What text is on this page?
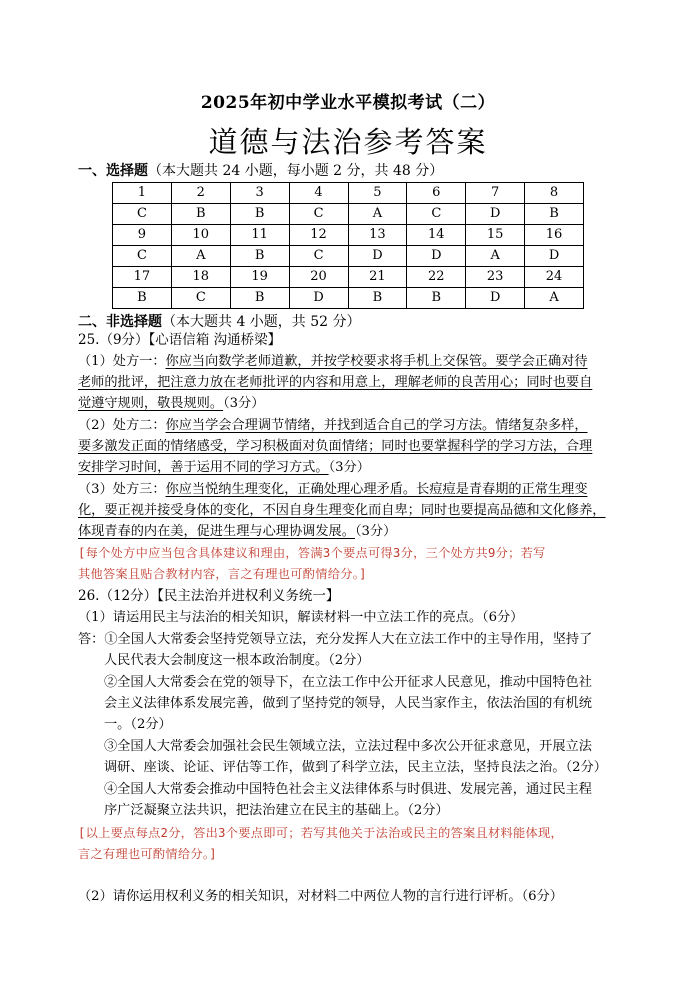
2025年初中学业水平模拟考试（二）
道德与法治参考答案
一、选择题（本大题共 24 小题，每小题 2 分，共 48 分）
1	2	3	4	5	6	7	8
C	B	B	C	A	C	D	B
9	10	11	12	13	14	15	16
C	A	B	C	D	D	A	D
17	18	19	20	21	22	23	24
B	C	B	D	B	B	D	A
二、非选择题（本大题共 4 小题，共 52 分）
25.（9分）【心语信箱 沟通桥梁】
（1）处方一：你应当向数学老师道歉，并按学校要求将手机上交保管。要学会正确对待
老师的批评，把注意力放在老师批评的内容和用意上，理解老师的良苦用心；同时也要自
觉遵守规则，敬畏规则。（3分）
（2）处方二：你应当学会合理调节情绪，并找到适合自己的学习方法。情绪复杂多样，
要多激发正面的情绪感受，学习积极面对负面情绪；同时也要掌握科学的学习方法，合理
安排学习时间，善于运用不同的学习方式。（3分）
（3）处方三：你应当悦纳生理变化，正确处理心理矛盾。长痘痘是青春期的正常生理变
化，要正视并接受身体的变化，不因自身生理变化而自卑；同时也要提高品德和文化修养，
体现青春的内在美，促进生理与心理协调发展。（3分）
[每个处方中应当包含具体建议和理由，答满3个要点可得3分，三个处方共9分；若写
其他答案且贴合教材内容，言之有理也可酌情给分。]
26.（12分）【民主法治并进权利义务统一】
（1）请运用民主与法治的相关知识，解读材料一中立法工作的亮点。（6分）
答：①全国人大常委会坚持党领导立法，充分发挥人大在立法工作中的主导作用，坚持了
人民代表大会制度这一根本政治制度。（2分）
②全国人大常委会在党的领导下，在立法工作中公开征求人民意见，推动中国特色社
会主义法律体系发展完善，做到了坚持党的领导，人民当家作主，依法治国的有机统
一。（2分）
③全国人大常委会加强社会民生领域立法，立法过程中多次公开征求意见，开展立法
调研、座谈、论证、评估等工作，做到了科学立法，民主立法，坚持良法之治。（2分）
④全国人大常委会推动中国特色社会主义法律体系与时俱进、发展完善，通过民主程
序广泛凝聚立法共识，把法治建立在民主的基础上。（2分）
[以上要点每点2分，答出3个要点即可；若写其他关于法治或民主的答案且材料能体现，
言之有理也可酌情给分。]
（2）请你运用权利义务的相关知识，对材料二中两位人物的言行进行评析。（6分）
